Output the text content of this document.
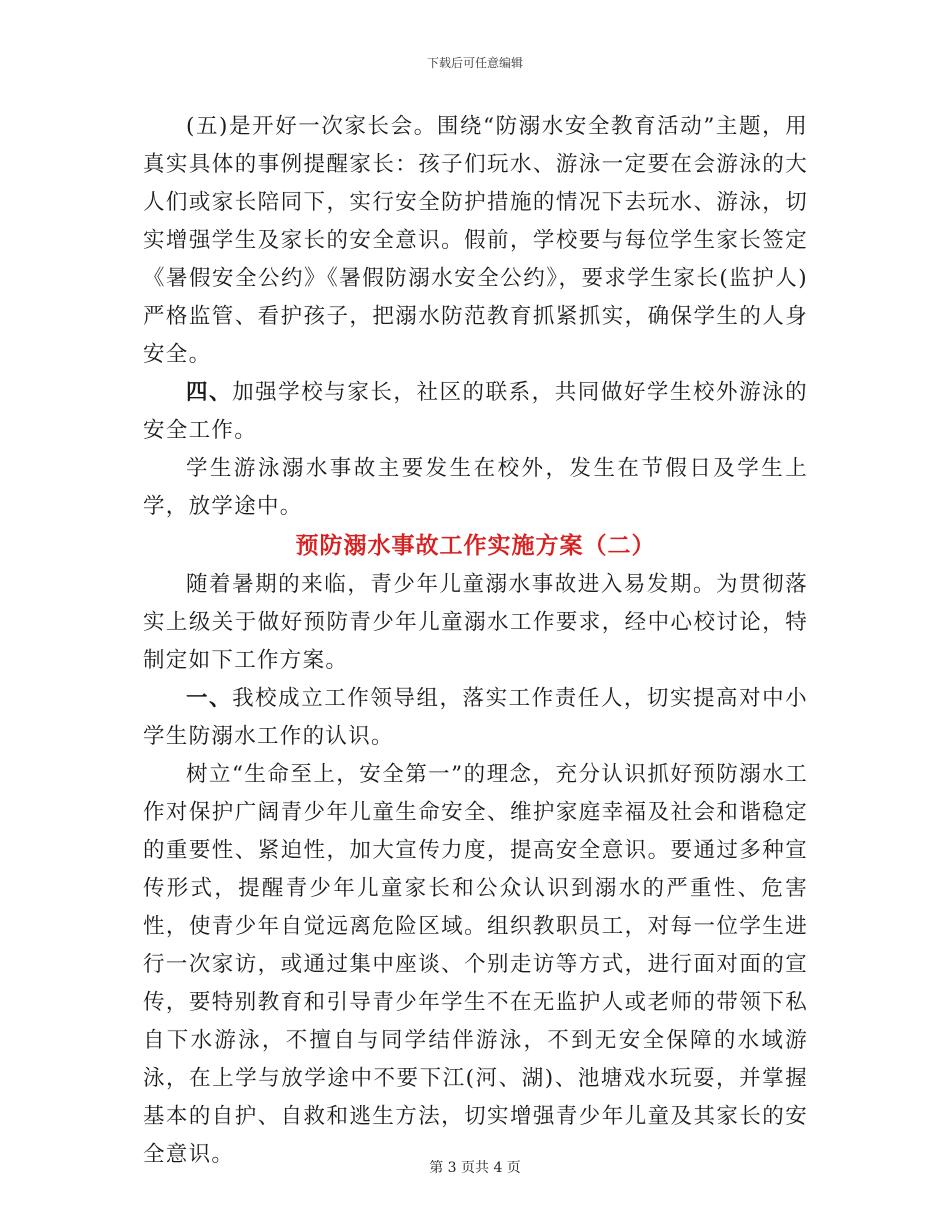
下载后可任意编辑

(五)是开好一次家长会。围绕“防溺水安全教育活动”主题，用真实具体的事例提醒家长：孩子们玩水、游泳一定要在会游泳的大人们或家长陪同下，实行安全防护措施的情况下去玩水、游泳，切实增强学生及家长的安全意识。假前，学校要与每位学生家长签定《暑假安全公约》《暑假防溺水安全公约》，要求学生家长(监护人)严格监管、看护孩子，把溺水防范教育抓紧抓实，确保学生的人身安全。

四、加强学校与家长，社区的联系，共同做好学生校外游泳的安全工作。

学生游泳溺水事故主要发生在校外，发生在节假日及学生上学，放学途中。

预防溺水事故工作实施方案（二）

随着暑期的来临，青少年儿童溺水事故进入易发期。为贯彻落实上级关于做好预防青少年儿童溺水工作要求，经中心校讨论，特制定如下工作方案。

一、我校成立工作领导组，落实工作责任人，切实提高对中小学生防溺水工作的认识。

树立“生命至上，安全第一”的理念，充分认识抓好预防溺水工作对保护广阔青少年儿童生命安全、维护家庭幸福及社会和谐稳定的重要性、紧迫性，加大宣传力度，提高安全意识。要通过多种宣传形式，提醒青少年儿童家长和公众认识到溺水的严重性、危害性，使青少年自觉远离危险区域。组织教职员工，对每一位学生进行一次家访，或通过集中座谈、个别走访等方式，进行面对面的宣传，要特别教育和引导青少年学生不在无监护人或老师的带领下私自下水游泳，不擅自与同学结伴游泳，不到无安全保障的水域游泳，在上学与放学途中不要下江(河、湖)、池塘戏水玩耍，并掌握基本的自护、自救和逃生方法，切实增强青少年儿童及其家长的安全意识。

第 3 页共 4 页
